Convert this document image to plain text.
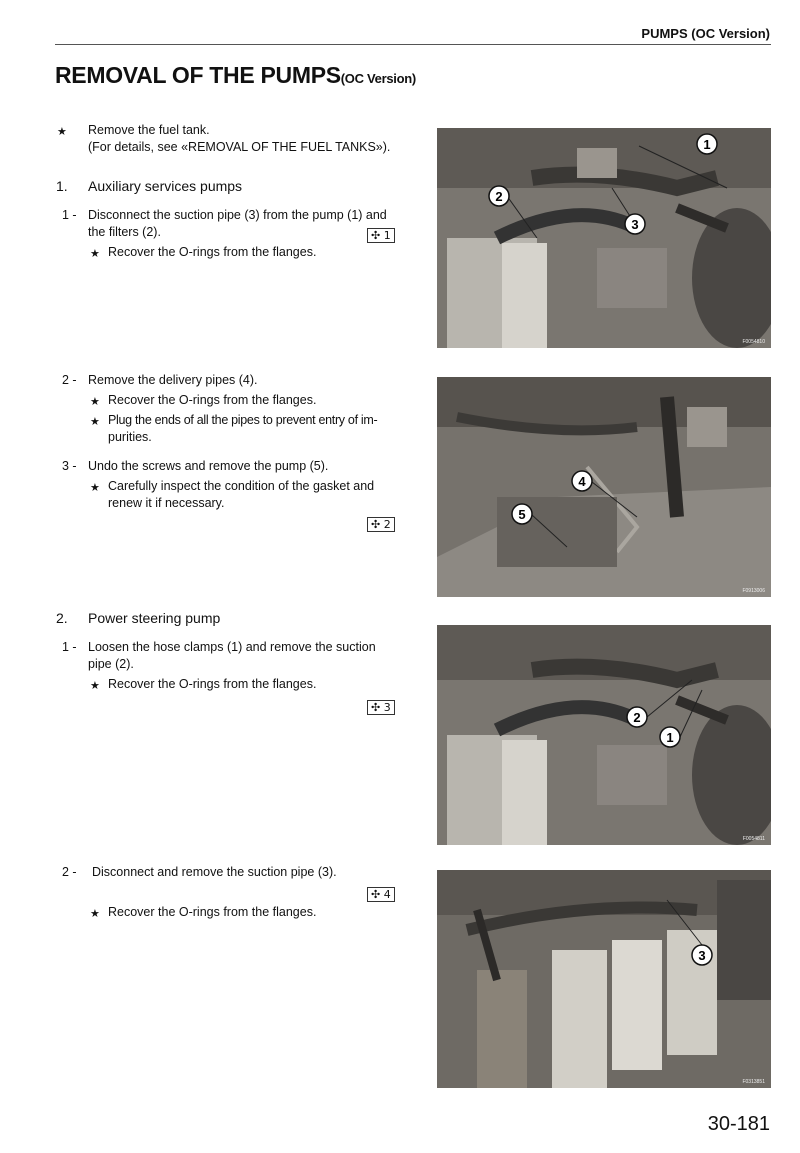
PUMPS (OC Version)
REMOVAL OF THE PUMPS(OC Version)
★ Remove the fuel tank.
(For details, see «REMOVAL OF THE FUEL TANKS»).
1. Auxiliary services pumps
1 - Disconnect the suction pipe (3) from the pump (1) and
the filters (2).	✣ 1
★ Recover the O-rings from the flanges.
2 - Remove the delivery pipes (4).
★ Recover the O-rings from the flanges.
★ Plug the ends of all the pipes to prevent entry of im-
purities.
3 - Undo the screws and remove the pump (5).
★ Carefully inspect the condition of the gasket and
renew it if necessary.
✣ 2
2. Power steering pump
1 - Loosen the hose clamps (1) and remove the suction
pipe (2).
★ Recover the O-rings from the flanges.
✣ 3
2 - Disconnect and remove the suction pipe (3).
✣ 4
★ Recover the O-rings from the flanges.
1
2
3
F0054810
4
5
F0913006
2
1
F0054811
3
F0313851
30-181
